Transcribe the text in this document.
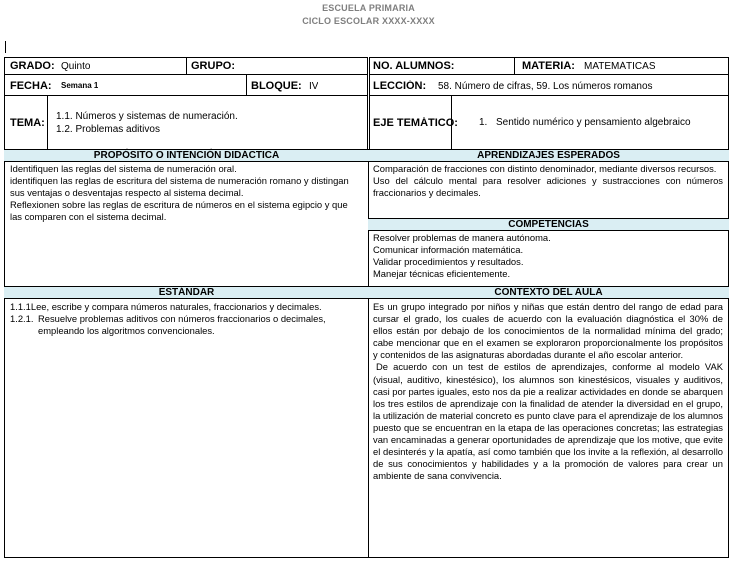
ESCUELA PRIMARIA
CICLO ESCOLAR XXXX-XXXX
GRADO: Quinto	GRUPO:
FECHA: Semana 1	BLOQUE: IV
TEMA:
1.1. Números y sistemas de numeración.
1.2. Problemas aditivos
NO. ALUMNOS:	MATERIA: MATEMÁTICAS
LECCIÓN: 58. Número de cifras, 59. Los números romanos
EJE TEMÁTICO: 1. Sentido numérico y pensamiento algebraico
PROPÓSITO O INTENCIÓN DIDÁCTICA
Identifiquen las reglas del sistema de numeración oral.
identifiquen las reglas de escritura del sistema de numeración romano y distingan sus ventajas o desventajas respecto al sistema decimal.
Reflexionen sobre las reglas de escritura de números en el sistema egipcio y que las comparen con el sistema decimal.
APRENDIZAJES ESPERADOS
Comparación de fracciones con distinto denominador, mediante diversos recursos.
Uso del cálculo mental para resolver adiciones y sustracciones con números fraccionarios y decimales.
COMPETENCIAS
Resolver problemas de manera autónoma.
Comunicar información matemática.
Validar procedimientos y resultados.
Manejar técnicas eficientemente.
ESTÁNDAR
1.1.1Lee, escribe y compara números naturales, fraccionarios y decimales.
1.2.1. Resuelve problemas aditivos con números fraccionarios o decimales, empleando los algoritmos convencionales.
CONTEXTO DEL AULA
Es un grupo integrado por niños y niñas que están dentro del rango de edad para cursar el grado, los cuales de acuerdo con la evaluación diagnóstica el 30% de ellos están por debajo de los conocimientos de la normalidad mínima del grado; cabe mencionar que en el examen se exploraron proporcionalmente los propósitos y contenidos de las asignaturas abordadas durante el año escolar anterior.
De acuerdo con un test de estilos de aprendizajes, conforme al modelo VAK (visual, auditivo, kinestésico), los alumnos son kinestésicos, visuales y auditivos, casi por partes iguales, esto nos da pie a realizar actividades en donde se abarquen los tres estilos de aprendizaje con la finalidad de atender la diversidad en el grupo, la utilización de material concreto es punto clave para el aprendizaje de los alumnos puesto que se encuentran en la etapa de las operaciones concretas; las estrategias van encaminadas a generar oportunidades de aprendizaje que los motive, que evite el desinterés y la apatía, así como también que los invite a la reflexión, al desarrollo de sus conocimientos y habilidades y a la promoción de valores para crear un ambiente de sana convivencia.
